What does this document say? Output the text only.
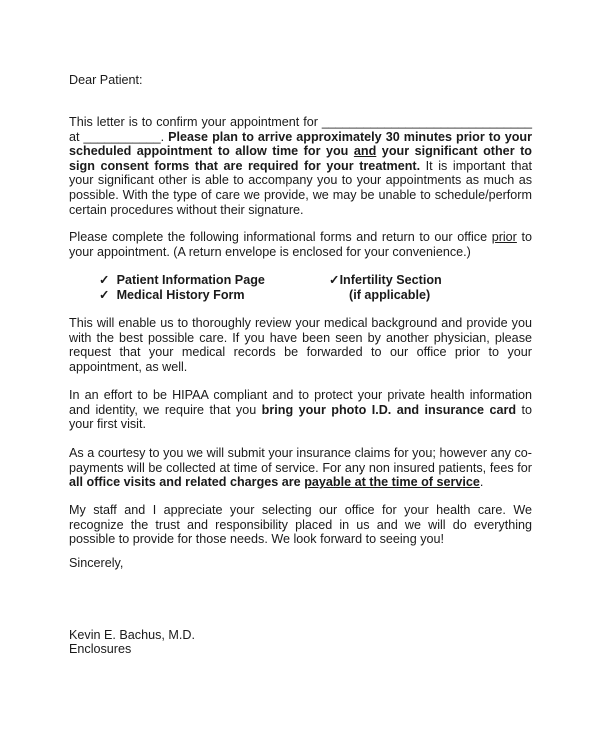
Dear Patient:

This letter is to confirm your appointment for ______________________________ at ___________. Please plan to arrive approximately 30 minutes prior to your scheduled appointment to allow time for you and your significant other to sign consent forms that are required for your treatment. It is important that your significant other is able to accompany you to your appointments as much as possible. With the type of care we provide, we may be unable to schedule/perform certain procedures without their signature.

Please complete the following informational forms and return to our office prior to your appointment. (A return envelope is enclosed for your convenience.)

✓ Patient Information Page
✓ Medical History Form
✓Infertility Section
(if applicable)

This will enable us to thoroughly review your medical background and provide you with the best possible care. If you have been seen by another physician, please request that your medical records be forwarded to our office prior to your appointment, as well.

In an effort to be HIPAA compliant and to protect your private health information and identity, we require that you bring your photo I.D. and insurance card to your first visit.

As a courtesy to you we will submit your insurance claims for you; however any co-payments will be collected at time of service. For any non insured patients, fees for all office visits and related charges are payable at the time of service.

My staff and I appreciate your selecting our office for your health care. We recognize the trust and responsibility placed in us and we will do everything possible to provide for those needs. We look forward to seeing you!

Sincerely,

Kevin E. Bachus, M.D.

Enclosures
